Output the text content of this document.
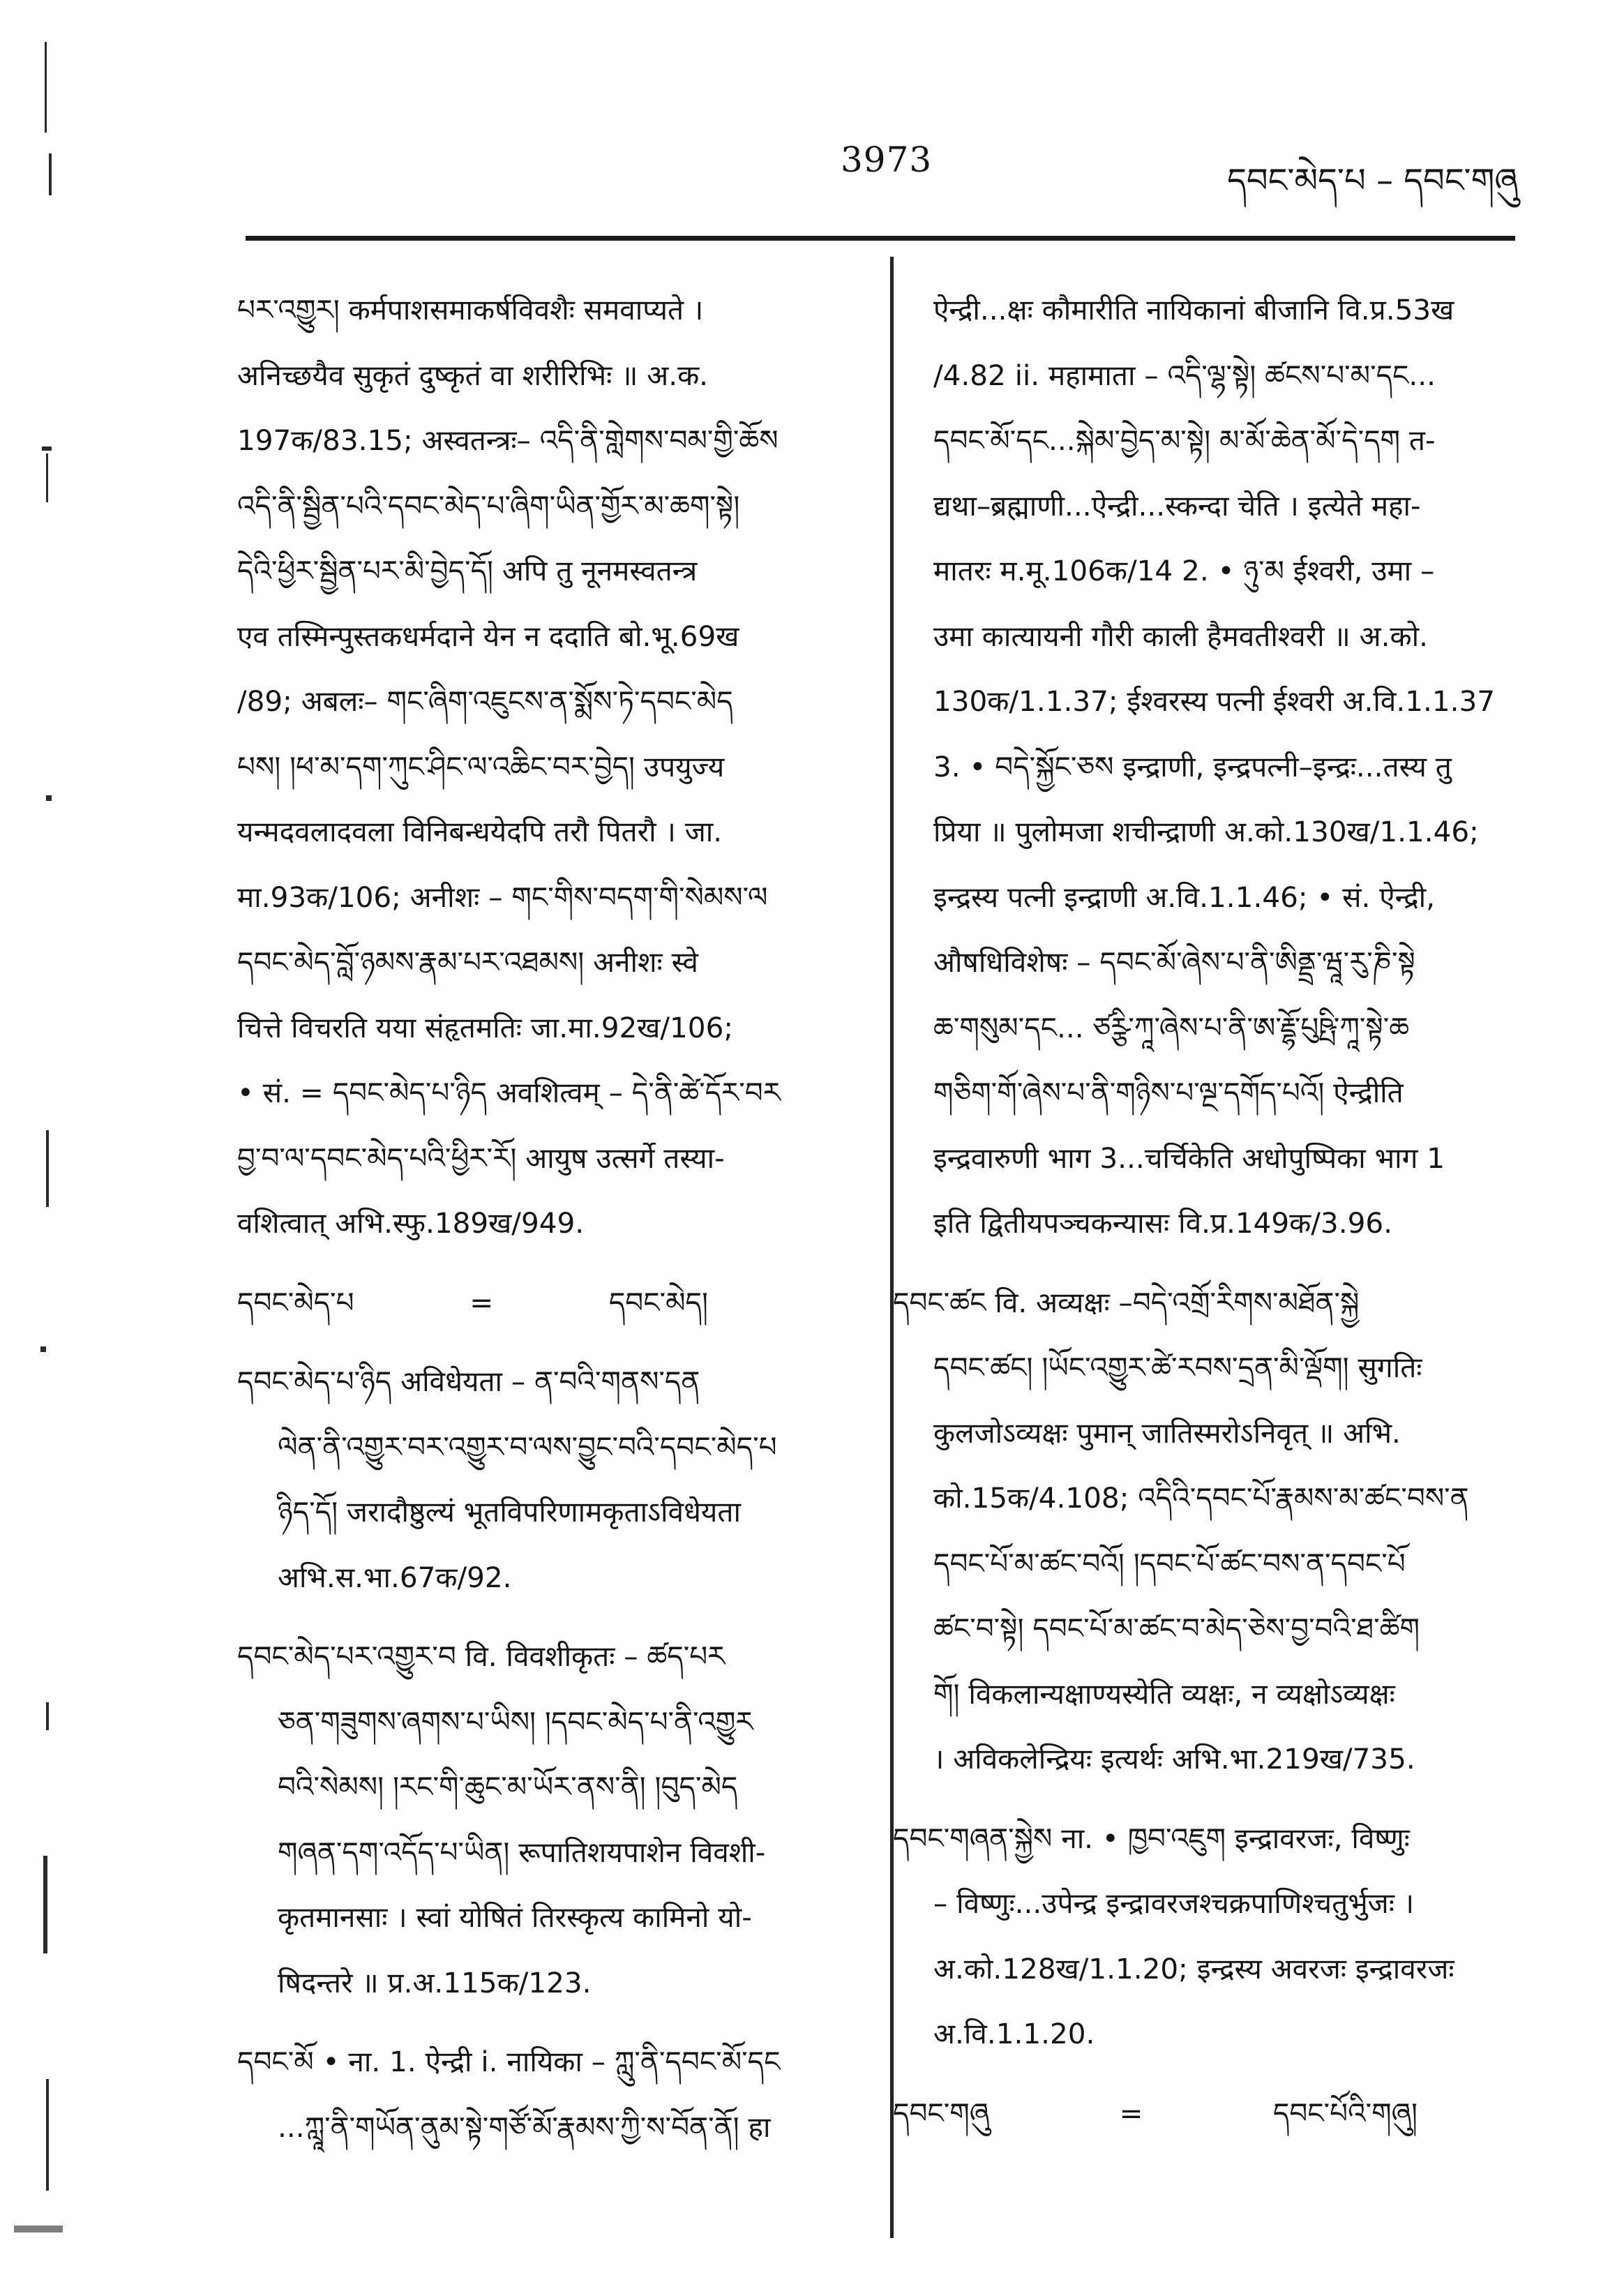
3973
དབང་མེད་པ – དབང་གཞུ
པར་འགྱུར། कर्मपाशसमाकर्षविवशैः समवाप्यते ।
अनिच्छयैव सुकृतं दुष्कृतं वा शरीरिभिः ॥ अ.क.
197क/83.15; अस्वतन्त्रः– འདི་ནི་གླེགས་བམ་གྱི་ཆོས
འདི་ནི་སྦྱིན་པའི་དབང་མེད་པ་ཞིག་ཡིན་གྱོར་མ་ཆག་སྟེ།
དེའི་ཕྱིར་སྦྱིན་པར་མི་བྱེད་དོ། अपि तु नूनमस्वतन्त्र
एव तस्मिन्पुस्तकधर्मदाने येन न ददाति बो.भू.69ख
/89; अबलः– གང་ཞིག་འཇུངས་ན་སྨོས་ཏེ་དབང་མེད
པས། །ཕ་མ་དག་ཀུང་ཤིང་ལ་འཆིང་བར་བྱེད། उपयुज्य
यन्मदवलादवला विनिबन्धयेदपि तरौ पितरौ । जा.
मा.93क/106; अनीशः – གང་གིས་བདག་གི་སེམས་ལ
དབང་མེད་བློ་ཉམས་རྣམ་པར་འཐམས། अनीशः स्वे
चित्ते विचरति यया संहृतमतिः जा.मा.92ख/106;
• सं. = དབང་མེད་པ་ཉིད अवशित्वम् – དེ་ནི་ཚེ་དོར་བར
བྱ་བ་ལ་དབང་མེད་པའི་ཕྱིར་རོ། आयुष उत्सर्गे तस्या-
वशित्वात् अभि.स्फु.189ख/949.
དབང་མེད་པ	=	དབང་མེད།
དབང་མེད་པ་ཉིད अविधेयता – ན་བའི་གནས་དན
ལེན་ནི་འགྱུར་བར་འགྱུར་བ་ལས་བྱུང་བའི་དབང་མེད་པ
ཉིད་དོ། जरादौष्ठुल्यं भूतविपरिणामकृताऽविधेयता
अभि.स.भा.67क/92.
དབང་མེད་པར་འགྱུར་བ वि. विवशीकृतः – ཚད་པར
ཅན་གཟུགས་ཞགས་པ་ཡིས། །དབང་མེད་པ་ནི་འགྱུར
བའི་སེམས། །རང་གི་ཆུང་མ་ཡོར་ནས་ནི། །བུད་མེད
གཞན་དག་འདོད་པ་ཡིན། रूपातिशयपाशेन विवशी-
कृतमानसाः । स्वां योषितं तिरस्कृत्य कामिनो यो-
षिदन्तरे ॥ प्र.अ.115क/123.
དབང་མོ • ना. 1. ऐन्द्री i. नायिका – ཀླུ་ནི་དབང་མོ་དང
...ཀླཱ་ནི་གཡོན་ནུམ་སྟེ་གཙོ་མོ་རྣམས་ཀྱི་ས་བོན་ནོ། हा
ऐन्द्री...क्षः कौमारीति नायिकानां बीजानि वि.प्र.53ख
/4.82 ii. महामाता – འདི་ལྷ་སྟེ། ཚངས་པ་མ་དང...
དབང་མོ་དང...སྐེམ་བྱེད་མ་སྟེ། མ་མོ་ཆེན་མོ་དེ་དག त-
द्यथा–ब्रह्माणी...ऐन्द्री...स्कन्दा चेति । इत्येते महा-
मातरः म.मू.106क/14 2. • ཉུ་མ ईश्वरी, उमा –
उमा कात्यायनी गौरी काली हैमवतीश्वरी ॥ अ.को.
130क/1.1.37; ईश्वरस्य पत्नी ईश्वरी अ.वि.1.1.37
3. • བདེ་སྐྱོང་ཅས इन्द्राणी, इन्द्रपत्नी–इन्द्रः...तस्य तु
प्रिया ॥ पुलोमजा शचीन्द्राणी अ.को.130ख/1.1.46;
इन्द्रस्य पत्नी इन्द्राणी अ.वि.1.1.46; • सं. ऐन्द्री,
औषधिविशेषः – དབང་མོ་ཞེས་པ་ནི་ཨིནྡྲ་ཝཱ་རུ་ཎི་སྟེ
ཆ་གསུམ་དང... ཙཪྩི་ཀཱ་ཞེས་པ་ནི་ཨ་རྡྷོ་པུཥྤི་ཀཱ་སྟེ་ཆ
གཅིག་གོ་ཞེས་པ་ནི་གཉིས་པ་ལྔ་དགོད་པའོ། ऐन्द्रीति
इन्द्रवारुणी भाग 3...चर्चिकेति अधोपुष्पिका भाग 1
इति द्वितीयपञ्चकन्यासः वि.प्र.149क/3.96.
དབང་ཚང वि. अव्यक्षः –བདེ་འགྲོ་རིགས་མཐོན་སྐྱེ
དབང་ཚང། །ཡོང་འགྱུར་ཚེ་རབས་དྲན་མི་ལྡོག། सुगतिः
कुलजोऽव्यक्षः पुमान् जातिस्मरोऽनिवृत् ॥ अभि.
को.15क/4.108; འདིའི་དབང་པོ་རྣམས་མ་ཚང་བས་ན
དབང་པོ་མ་ཚང་བའོ། །དབང་པོ་ཚང་བས་ན་དབང་པོ
ཚང་བ་སྟེ། དབང་པོ་མ་ཚང་བ་མེད་ཅེས་བྱ་བའི་ཐ་ཚིག
གོ། विकलान्यक्षाण्यस्येति व्यक्षः, न व्यक्षोऽव्यक्षः
। अविकलेन्द्रियः इत्यर्थः अभि.भा.219ख/735.
དབང་གཞན་སྐྱེས ना. • ཁྱབ་འཇུག इन्द्रावरजः, विष्णुः
– विष्णुः...उपेन्द्र इन्द्रावरजश्चक्रपाणिश्चतुर्भुजः ।
अ.को.128ख/1.1.20; इन्द्रस्य अवरजः इन्द्रावरजः
अ.वि.1.1.20.
དབང་གཞུ	=	དབང་པོའི་གཞུ།
